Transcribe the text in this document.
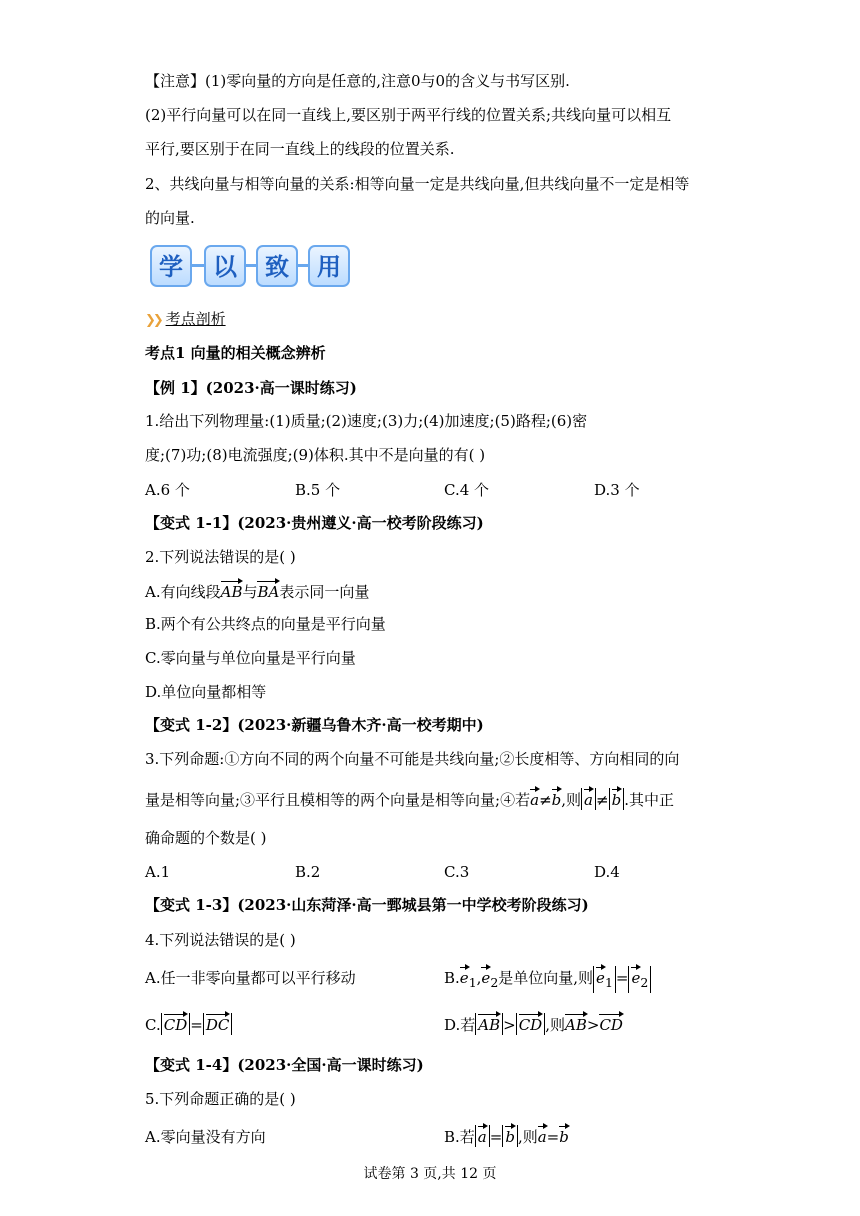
【注意】(1)零向量的方向是任意的,注意0与0的含义与书写区别.
(2)平行向量可以在同一直线上,要区别于两平行线的位置关系;共线向量可以相互
平行,要区别于在同一直线上的线段的位置关系.
2、共线向量与相等向量的关系:相等向量一定是共线向量,但共线向量不一定是相等
的向量.
学	以	致	用
❯❯ 考点剖析
考点1 向量的相关概念辨析
【例 1】(2023·高一课时练习)
1.给出下列物理量:(1)质量;(2)速度;(3)力;(4)加速度;(5)路程;(6)密
度;(7)功;(8)电流强度;(9)体积.其中不是向量的有( )
A.6 个	B.5 个	C.4 个	D.3 个
【变式 1-1】(2023·贵州遵义·高一校考阶段练习)
2.下列说法错误的是( )
A.有向线段AB与BA表示同一向量
B.两个有公共终点的向量是平行向量
C.零向量与单位向量是平行向量
D.单位向量都相等
【变式 1-2】(2023·新疆乌鲁木齐·高一校考期中)
3.下列命题:①方向不同的两个向量不可能是共线向量;②长度相等、方向相同的向
量是相等向量;③平行且模相等的两个向量是相等向量;④若a≠b,则 a ≠ b .其中正
确命题的个数是( )
A.1	B.2	C.3	D.4
【变式 1-3】(2023·山东菏泽·高一鄄城县第一中学校考阶段练习)
4.下列说法错误的是( )
A.任一非零向量都可以平行移动	$B.e_1,e_2$是单位向量,则 $e_1 = e_2$
C. CD = DC	D.若 AB > CD ,则AB>CD
【变式 1-4】(2023·全国·高一课时练习)
5.下列命题正确的是( )
A.零向量没有方向	B.若 a = b ,则a=b
试卷第 3 页,共 12 页
